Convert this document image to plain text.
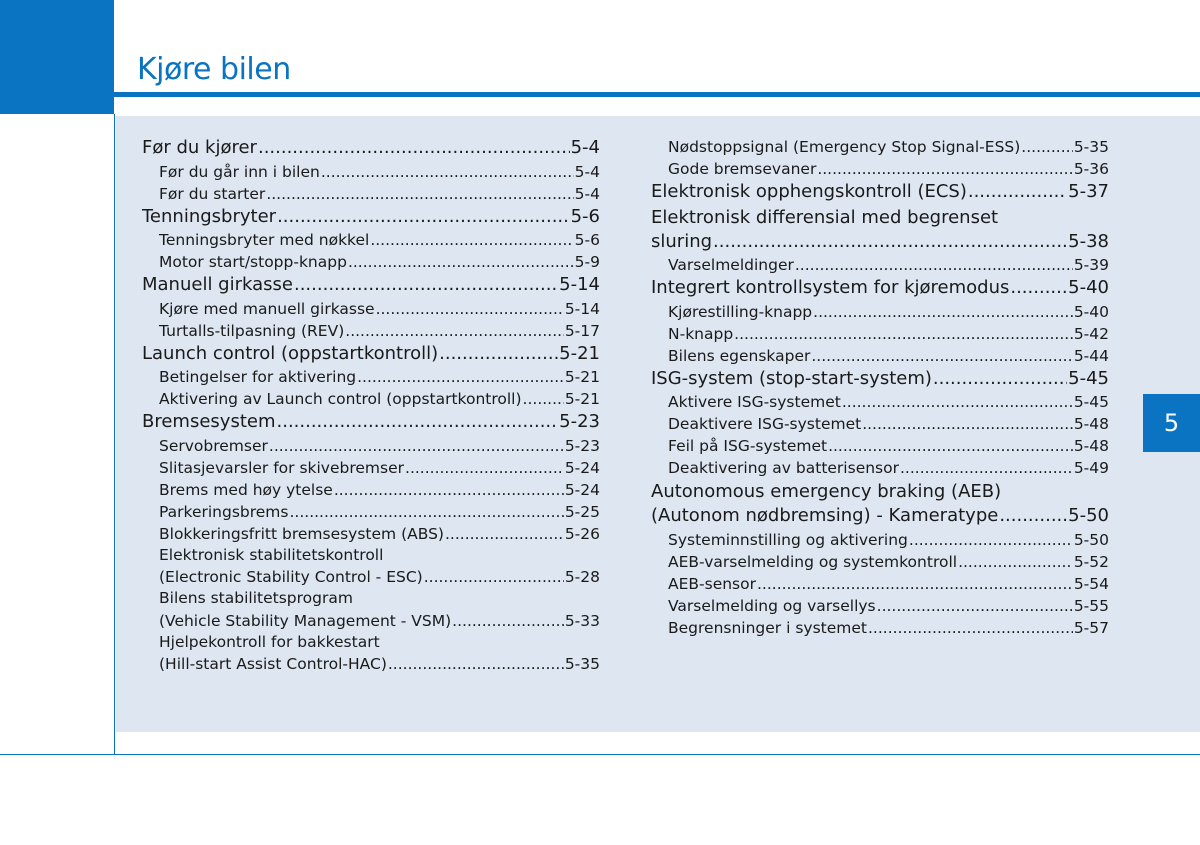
Kjøre bilen
5
Før du kjører .....	5-4
Før du går inn i bilen .....	5-4
Før du starter .....	5-4
Tenningsbryter .....	5-6
Tenningsbryter med nøkkel .....	5-6
Motor start/stopp-knapp .....	5-9
Manuell girkasse .....	5-14
Kjøre med manuell girkasse .....	5-14
Turtalls-tilpasning (REV) .....	5-17
Launch control (oppstartkontroll) .....	5-21
Betingelser for aktivering .....	5-21
Aktivering av Launch control (oppstartkontroll) .....	5-21
Bremsesystem .....	5-23
Servobremser .....	5-23
Slitasjevarsler for skivebremser .....	5-24
Brems med høy ytelse .....	5-24
Parkeringsbrems .....	5-25
Blokkeringsfritt bremsesystem (ABS) .....	5-26
Elektronisk stabilitetskontroll
(Electronic Stability Control - ESC) .....	5-28
Bilens stabilitetsprogram
(Vehicle Stability Management - VSM) .....	5-33
Hjelpekontroll for bakkestart
(Hill-start Assist Control-HAC) .....	5-35
Nødstoppsignal (Emergency Stop Signal-ESS) .....	5-35
Gode bremsevaner .....	5-36
Elektronisk opphengskontroll (ECS) .....	5-37
Elektronisk differensial med begrenset
sluring .....	5-38
Varselmeldinger .....	5-39
Integrert kontrollsystem for kjøremodus .....	5-40
Kjørestilling-knapp .....	5-40
N-knapp .....	5-42
Bilens egenskaper .....	5-44
ISG-system (stop-start-system) .....	5-45
Aktivere ISG-systemet .....	5-45
Deaktivere ISG-systemet .....	5-48
Feil på ISG-systemet .....	5-48
Deaktivering av batterisensor .....	5-49
Autonomous emergency braking (AEB)
(Autonom nødbremsing) - Kameratype .....	5-50
Systeminnstilling og aktivering .....	5-50
AEB-varselmelding og systemkontroll .....	5-52
AEB-sensor .....	5-54
Varselmelding og varsellys .....	5-55
Begrensninger i systemet .....	5-57
